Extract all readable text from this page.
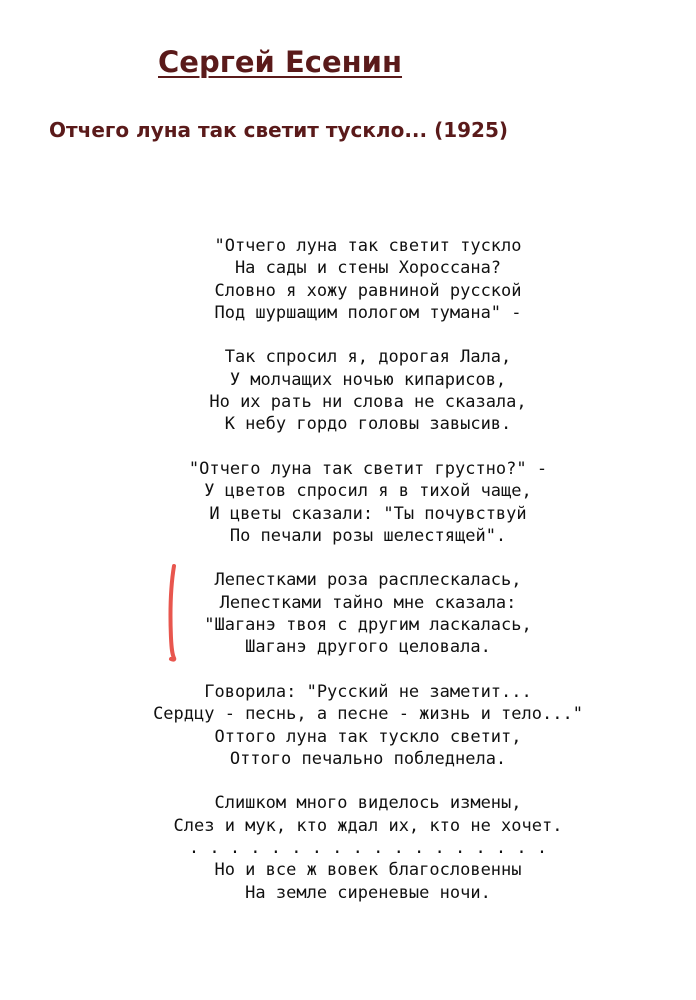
Сергей Есенин
Отчего луна так светит тускло... (1925)
"Отчего луна так светит тускло
На сады и стены Хороссана?
Словно я хожу равниной русской
Под шуршащим пологом тумана" -
Так спросил я, дорогая Лала,
У молчащих ночью кипарисов,
Но их рать ни слова не сказала,
К небу гордо головы завысив.
"Отчего луна так светит грустно?" -
У цветов спросил я в тихой чаще,
И цветы сказали: "Ты почувствуй
По печали розы шелестящей".
Лепестками роза расплескалась,
Лепестками тайно мне сказала:
"Шаганэ твоя с другим ласкалась,
Шаганэ другого целовала.
Говорила: "Русский не заметит...
Сердцу - песнь, а песне - жизнь и тело..."
Оттого луна так тускло светит,
Оттого печально побледнела.
Слишком много виделось измены,
Слез и мук, кто ждал их, кто не хочет.
. . . . . . . . . . . . . . . . . .
Но и все ж вовек благословенны
На земле сиреневые ночи.
